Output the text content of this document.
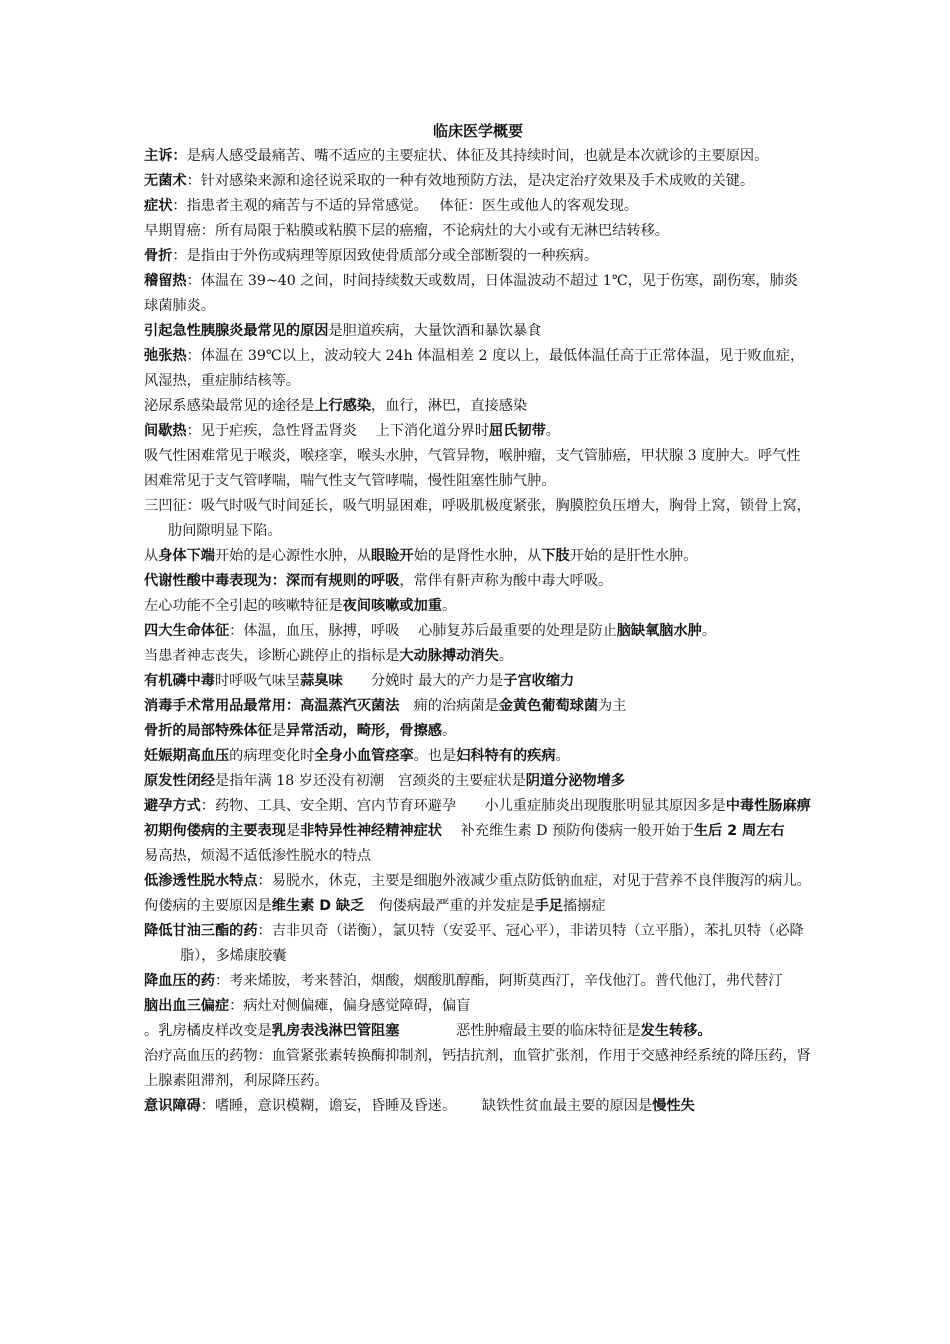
临床医学概要
主诉：是病人感受最痛苦、嘴不适应的主要症状、体征及其持续时间，也就是本次就诊的主要原因。
无菌术：针对感染来源和途径说采取的一种有效地预防方法，是决定治疗效果及手术成败的关键。
症状：指患者主观的痛苦与不适的异常感觉。　 体征：医生或他人的客观发现。
早期胃癌：所有局限于粘膜或粘膜下层的癌瘤，不论病灶的大小或有无淋巴结转移。
骨折：是指由于外伤或病理等原因致使骨质部分或全部断裂的一种疾病。
稽留热：体温在 39~40 之间，时间持续数天或数周，日体温波动不超过 1℃，见于伤寒，副伤寒，肺炎球菌肺炎。
引起急性胰腺炎最常见的原因是胆道疾病，大量饮酒和暴饮暴食
弛张热：体温在 39℃以上，波动较大 24h 体温相差 2 度以上，最低体温任高于正常体温，见于败血症，风湿热，重症肺结核等。
泌尿系感染最常见的途径是上行感染，血行，淋巴，直接感染
间歇热：见于疟疾，急性肾盂肾炎　 上下消化道分界时屈氏韧带。
吸气性困难常见于喉炎，喉痉挛，喉头水肿，气管异物，喉肿瘤，支气管肺癌，甲状腺 3 度肿大。呼气性困难常见于支气管哮喘，喘气性支气管哮喘，慢性阻塞性肺气肿。
三凹征：吸气时吸气时间延长，吸气明显困难，呼吸肌极度紧张，胸膜腔负压增大，胸骨上窝，锁骨上窝，肋间隙明显下陷。
从身体下端开始的是心源性水肿，从眼睑开始的是肾性水肿，从下肢开始的是肝性水肿。
代谢性酸中毒表现为：深而有规则的呼吸，常伴有鼾声称为酸中毒大呼吸。
左心功能不全引起的咳嗽特征是夜间咳嗽或加重。
四大生命体征：体温，血压，脉搏，呼吸　 心肺复苏后最重要的处理是防止脑缺氧脑水肿。
当患者神志丧失，诊断心跳停止的指标是大动脉搏动消失。
有机磷中毒时呼吸气味呈蒜臭味　　分娩时 最大的产力是子宫收缩力
消毒手术常用品最常用：高温蒸汽灭菌法　痈的治病菌是金黄色葡萄球菌为主
骨折的局部特殊体征是异常活动，畸形，骨擦感。
妊娠期高血压的病理变化时全身小血管痉挛。也是妇科特有的疾病。
原发性闭经是指年满 18 岁还没有初潮　宫颈炎的主要症状是阴道分泌物增多
避孕方式：药物、工具、安全期、宫内节育环避孕　　小儿重症肺炎出现腹胀明显其原因多是中毒性肠麻痹
初期佝偻病的主要表现是非特异性神经精神症状　 补充维生素 D 预防佝偻病一般开始于生后 2 周左右
易高热，烦渴不适低渗性脱水的特点
低渗透性脱水特点：易脱水，休克，主要是细胞外液减少重点防低钠血症，对见于营养不良伴腹泻的病儿。
佝偻病的主要原因是维生素 D 缺乏　佝偻病最严重的并发症是手足搐搦症
降低甘油三酯的药：吉非贝奇（诺衡），氯贝特（安妥平、冠心平），非诺贝特（立平脂），苯扎贝特（必降脂），多烯康胶囊
降血压的药：考来烯胺，考来替泊，烟酸，烟酸肌醇酯，阿斯莫西汀，辛伐他汀。普代他汀，弗代替汀
脑出血三偏症：病灶对侧偏瘫，偏身感觉障碍，偏盲
。乳房橘皮样改变是乳房表浅淋巴管阻塞　　　　恶性肿瘤最主要的临床特征是发生转移。
治疗高血压的药物：血管紧张素转换酶抑制剂，钙拮抗剂，血管扩张剂，作用于交感神经系统的降压药，肾上腺素阻滞剂，利尿降压药。
意识障碍：嗜睡，意识模糊，谵妄，昏睡及昏迷。　　 缺铁性贫血最主要的原因是慢性失
